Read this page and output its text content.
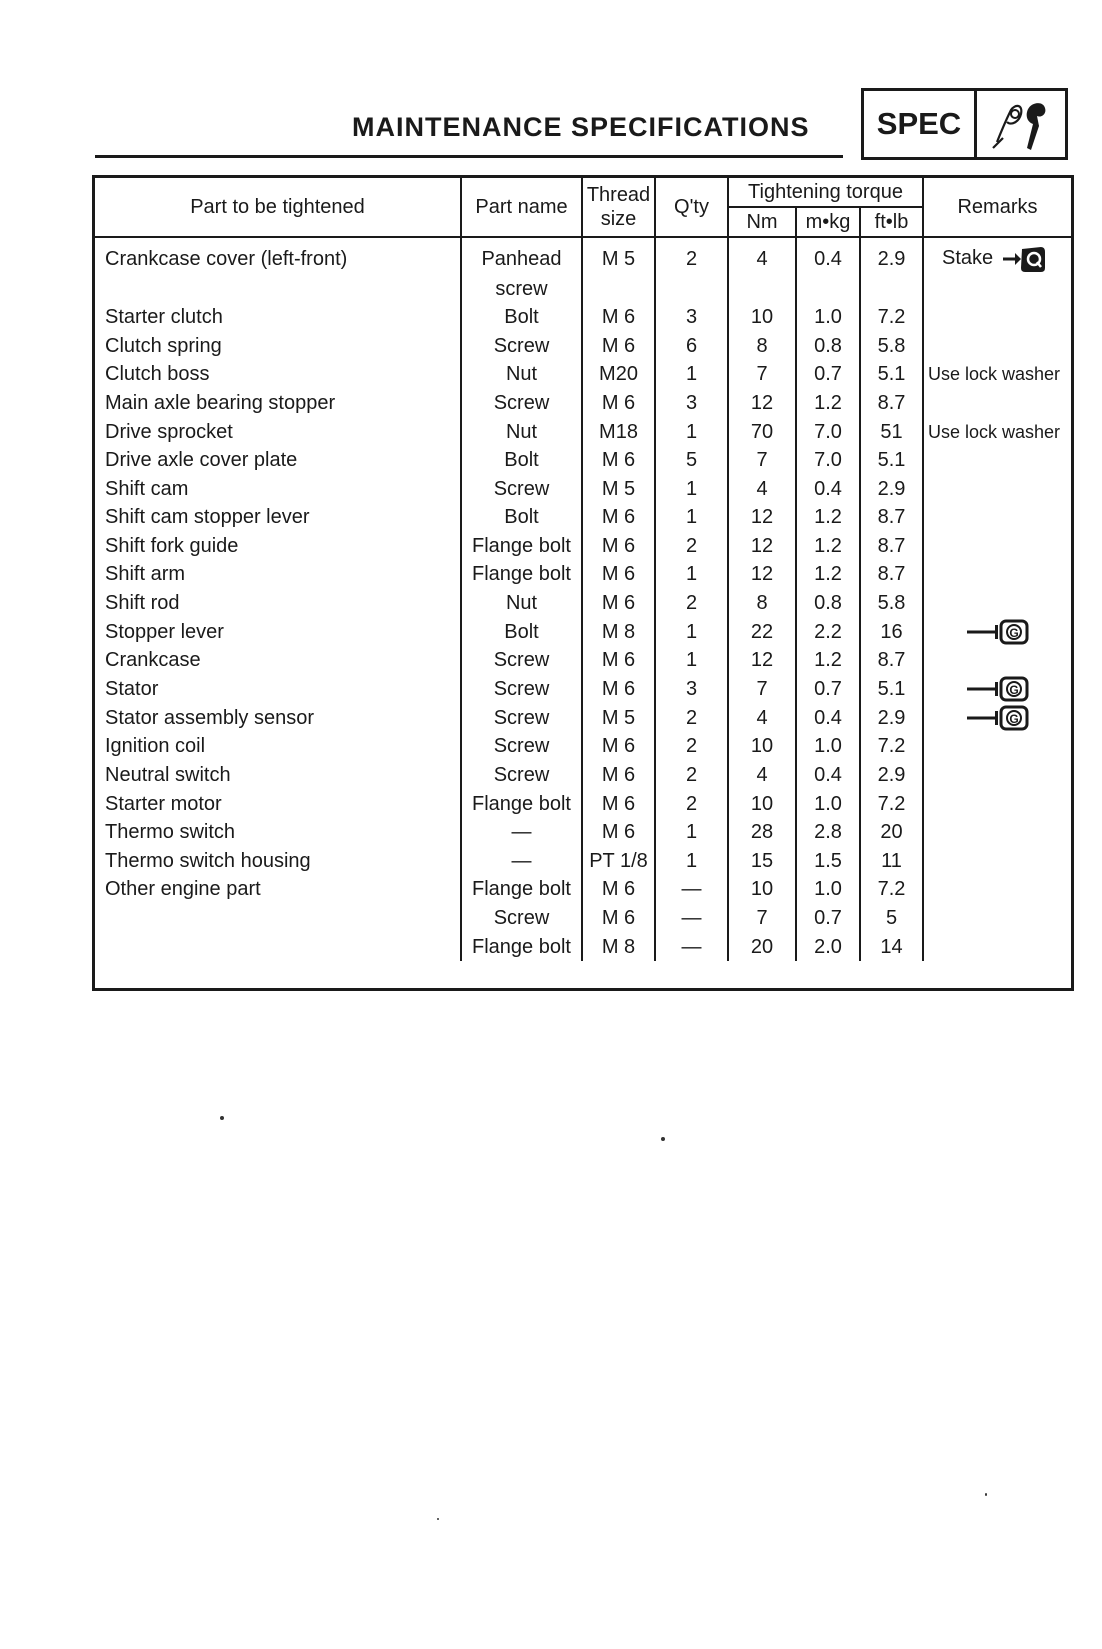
MAINTENANCE SPECIFICATIONS	SPEC
Part to be tightened	Part name	Thread size	Q'ty	Tightening torque			Remarks
				Nm	m•kg	ft•lb	
Crankcase cover (left-front)	Panhead	M 5	2	4	0.4	2.9	Stake
	screw						
Starter clutch	Bolt	M 6	3	10	1.0	7.2	
Clutch spring	Screw	M 6	6	8	0.8	5.8	
Clutch boss	Nut	M20	1	7	0.7	5.1	Use lock washer
Main axle bearing stopper	Screw	M 6	3	12	1.2	8.7	
Drive sprocket	Nut	M18	1	70	7.0	51	Use lock washer
Drive axle cover plate	Bolt	M 6	5	7	7.0	5.1	
Shift cam	Screw	M 5	1	4	0.4	2.9	
Shift cam stopper lever	Bolt	M 6	1	12	1.2	8.7	
Shift fork guide	Flange bolt	M 6	2	12	1.2	8.7	
Shift arm	Flange bolt	M 6	1	12	1.2	8.7	
Shift rod	Nut	M 6	2	8	0.8	5.8	
Stopper lever	Bolt	M 8	1	22	2.2	16	G

Crankcase	Screw	M 6	1	12	1.2	8.7	
Stator	Screw	M 6	3	7	0.7	5.1	G

Stator assembly sensor	Screw	M 5	2	4	0.4	2.9	G

Ignition coil	Screw	M 6	2	10	1.0	7.2	
Neutral switch	Screw	M 6	2	4	0.4	2.9	
Starter motor	Flange bolt	M 6	2	10	1.0	7.2	
Thermo switch	—	M 6	1	28	2.8	20	
Thermo switch housing	—	PT 1/8	1	15	1.5	11	
Other engine part	Flange bolt	M 6	—	10	1.0	7.2	
	Screw	M 6	—	7	0.7	5	
	Flange bolt	M 8	—	20	2.0	14	
